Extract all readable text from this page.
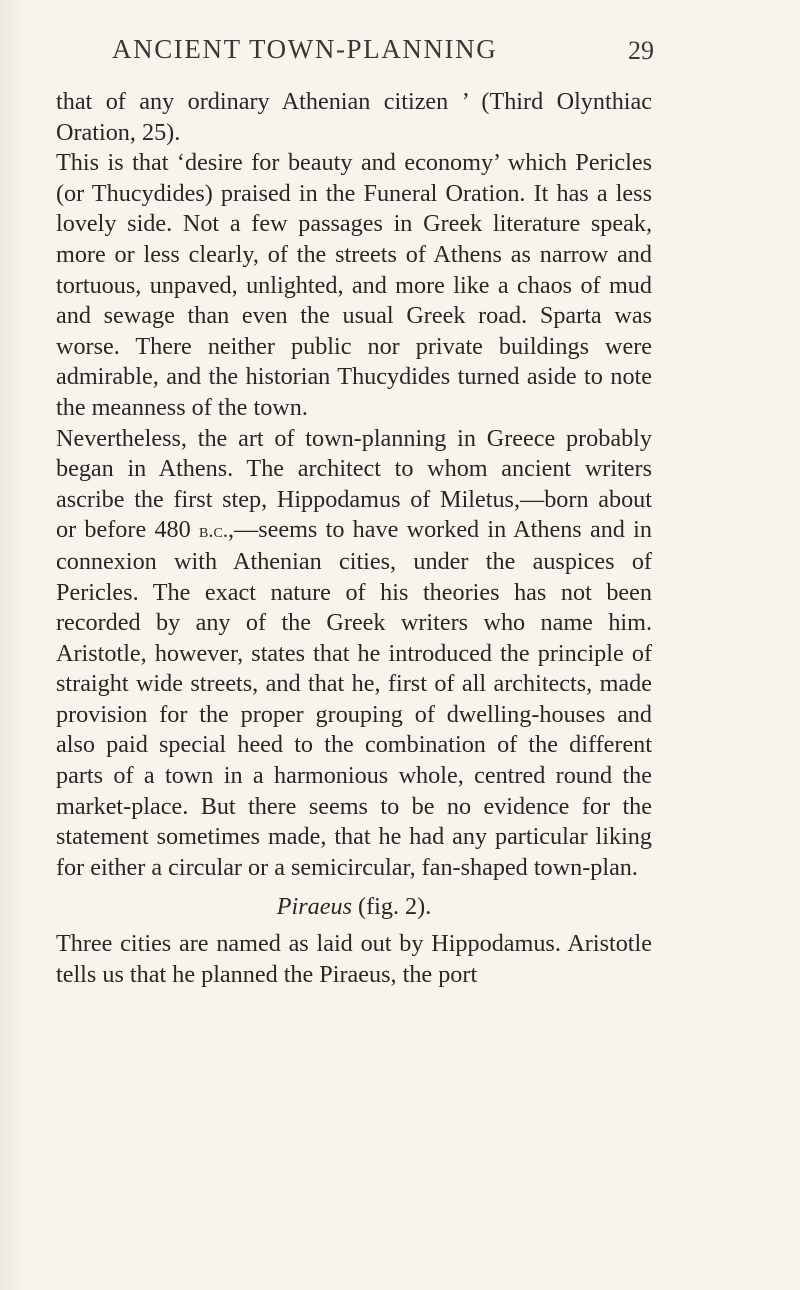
ANCIENT TOWN-PLANNING	29

that of any ordinary Athenian citizen ’ (Third Olynthiac Oration, 25).

This is that ‘desire for beauty and economy’ which Pericles (or Thucydides) praised in the Funeral Oration. It has a less lovely side. Not a few passages in Greek literature speak, more or less clearly, of the streets of Athens as narrow and tortuous, unpaved, unlighted, and more like a chaos of mud and sewage than even the usual Greek road. Sparta was worse. There neither public nor private buildings were admirable, and the historian Thucydides turned aside to note the meanness of the town.

Nevertheless, the art of town-planning in Greece probably began in Athens. The architect to whom ancient writers ascribe the first step, Hippodamus of Miletus,—born about or before 480 b.c.,—seems to have worked in Athens and in connexion with Athenian cities, under the auspices of Pericles. The exact nature of his theories has not been recorded by any of the Greek writers who name him. Aristotle, however, states that he introduced the principle of straight wide streets, and that he, first of all architects, made provision for the proper grouping of dwelling-houses and also paid special heed to the combination of the different parts of a town in a harmonious whole, centred round the market-place. But there seems to be no evidence for the statement sometimes made, that he had any particular liking for either a circular or a semicircular, fan-shaped town-plan.

Piraeus (fig. 2).

Three cities are named as laid out by Hippodamus. Aristotle tells us that he planned the Piraeus, the port
